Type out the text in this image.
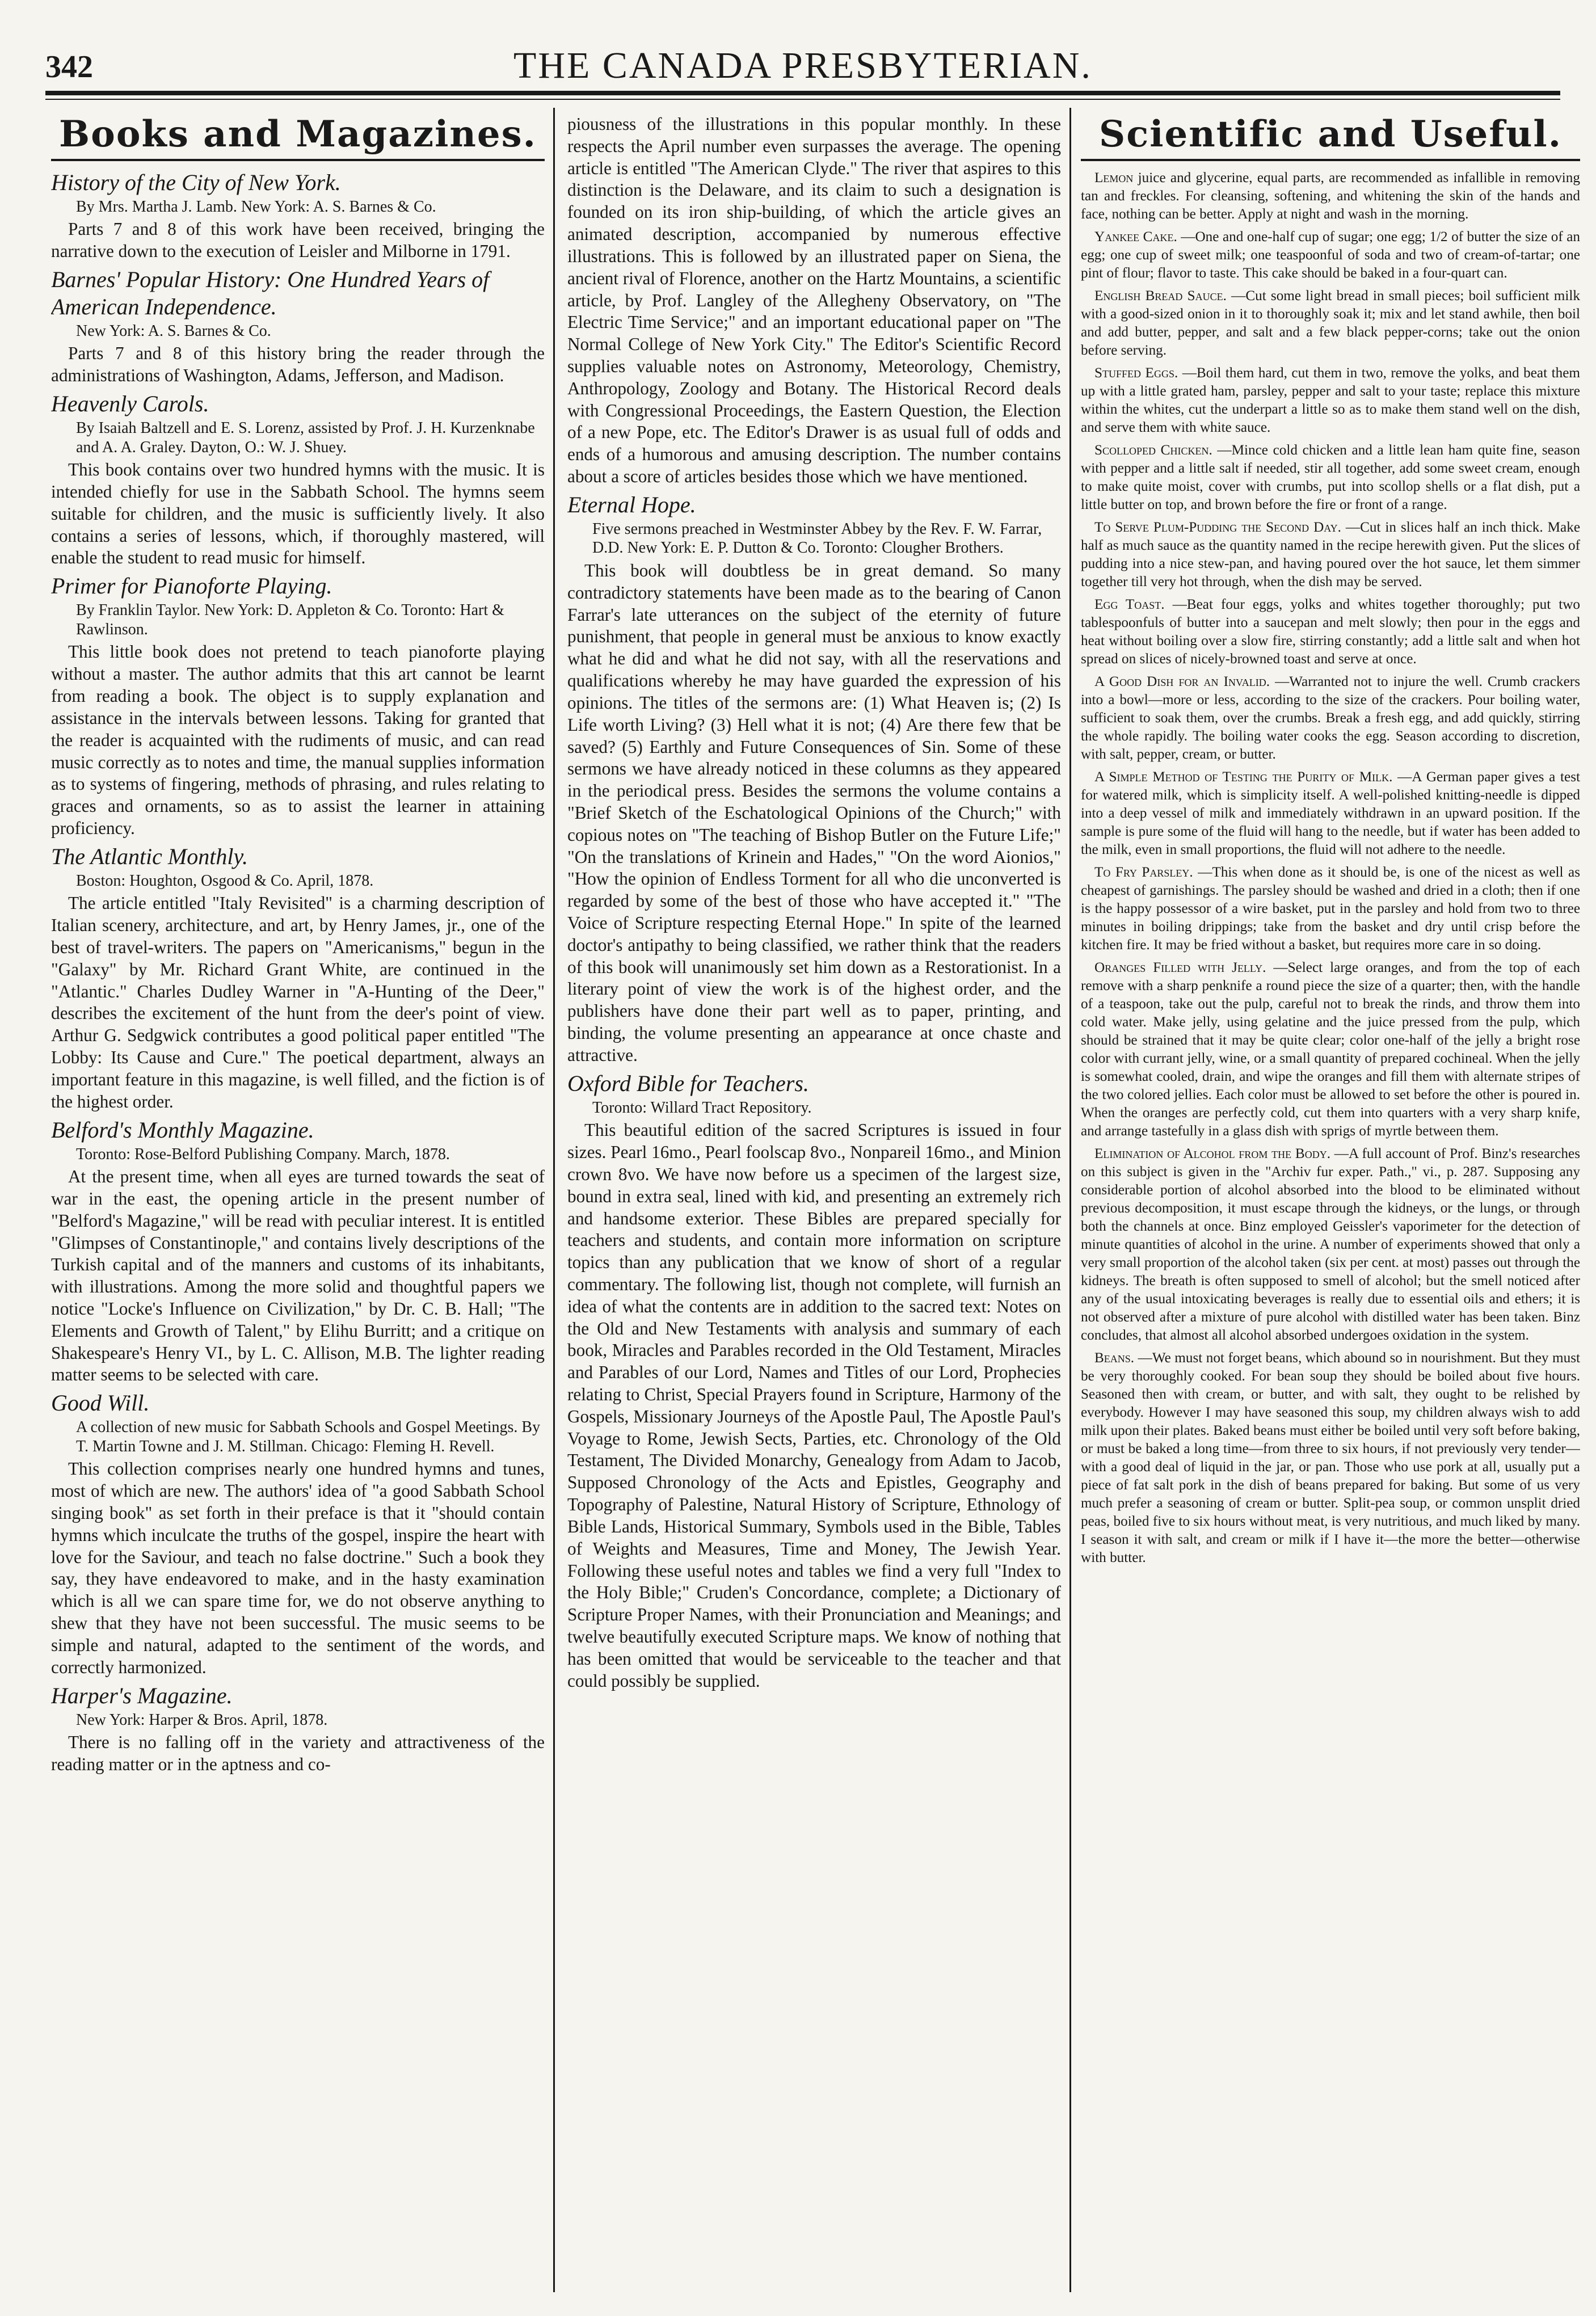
342	THE CANADA PRESBYTERIAN.
Books and Magazines.
History of the City of New York.
By Mrs. Martha J. Lamb. New York: A. S. Barnes & Co.

Parts 7 and 8 of this work have been received, bringing the narrative down to the execution of Leisler and Milborne in 1791.

Barnes' Popular History: One Hundred Years of American Independence.
New York: A. S. Barnes & Co.

Parts 7 and 8 of this history bring the reader through the administrations of Washington, Adams, Jefferson, and Madison.

Heavenly Carols.
By Isaiah Baltzell and E. S. Lorenz, assisted by Prof. J. H. Kurzenknabe and A. A. Graley. Dayton, O.: W. J. Shuey.

This book contains over two hundred hymns with the music. It is intended chiefly for use in the Sabbath School. The hymns seem suitable for children, and the music is sufficiently lively. It also contains a series of lessons, which, if thoroughly mastered, will enable the student to read music for himself.

Primer for Pianoforte Playing.
By Franklin Taylor. New York: D. Appleton & Co. Toronto: Hart & Rawlinson.

This little book does not pretend to teach pianoforte playing without a master. The author admits that this art cannot be learnt from reading a book. The object is to supply explanation and assistance in the intervals between lessons. Taking for granted that the reader is acquainted with the rudiments of music, and can read music correctly as to notes and time, the manual supplies information as to systems of fingering, methods of phrasing, and rules relating to graces and ornaments, so as to assist the learner in attaining proficiency.

The Atlantic Monthly.
Boston: Houghton, Osgood & Co. April, 1878.

The article entitled "Italy Revisited" is a charming description of Italian scenery, architecture, and art, by Henry James, jr., one of the best of travel-writers. The papers on "Americanisms," begun in the "Galaxy" by Mr. Richard Grant White, are continued in the "Atlantic." Charles Dudley Warner in "A-Hunting of the Deer," describes the excitement of the hunt from the deer's point of view. Arthur G. Sedgwick contributes a good political paper entitled "The Lobby: Its Cause and Cure." The poetical department, always an important feature in this magazine, is well filled, and the fiction is of the highest order.

Belford's Monthly Magazine.
Toronto: Rose-Belford Publishing Company. March, 1878.

At the present time, when all eyes are turned towards the seat of war in the east, the opening article in the present number of "Belford's Magazine," will be read with peculiar interest. It is entitled "Glimpses of Constantinople," and contains lively descriptions of the Turkish capital and of the manners and customs of its inhabitants, with illustrations. Among the more solid and thoughtful papers we notice "Locke's Influence on Civilization," by Dr. C. B. Hall; "The Elements and Growth of Talent," by Elihu Burritt; and a critique on Shakespeare's Henry VI., by L. C. Allison, M.B. The lighter reading matter seems to be selected with care.

Good Will.
A collection of new music for Sabbath Schools and Gospel Meetings. By T. Martin Towne and J. M. Stillman. Chicago: Fleming H. Revell.

This collection comprises nearly one hundred hymns and tunes, most of which are new. The authors' idea of "a good Sabbath School singing book" as set forth in their preface is that it "should contain hymns which inculcate the truths of the gospel, inspire the heart with love for the Saviour, and teach no false doctrine." Such a book they say, they have endeavored to make, and in the hasty examination which is all we can spare time for, we do not observe anything to shew that they have not been successful. The music seems to be simple and natural, adapted to the sentiment of the words, and correctly harmonized.

Harper's Magazine.
New York: Harper & Bros. April, 1878.

There is no falling off in the variety and attractiveness of the reading matter or in the aptness and co-

piousness of the illustrations in this popular monthly. In these respects the April number even surpasses the average. The opening article is entitled "The American Clyde." The river that aspires to this distinction is the Delaware, and its claim to such a designation is founded on its iron ship-building, of which the article gives an animated description, accompanied by numerous effective illustrations. This is followed by an illustrated paper on Siena, the ancient rival of Florence, another on the Hartz Mountains, a scientific article, by Prof. Langley of the Allegheny Observatory, on "The Electric Time Service;" and an important educational paper on "The Normal College of New York City." The Editor's Scientific Record supplies valuable notes on Astronomy, Meteorology, Chemistry, Anthropology, Zoology and Botany. The Historical Record deals with Congressional Proceedings, the Eastern Question, the Election of a new Pope, etc. The Editor's Drawer is as usual full of odds and ends of a humorous and amusing description. The number contains about a score of articles besides those which we have mentioned.

Eternal Hope.
Five sermons preached in Westminster Abbey by the Rev. F. W. Farrar, D.D. New York: E. P. Dutton & Co. Toronto: Clougher Brothers.

This book will doubtless be in great demand. So many contradictory statements have been made as to the bearing of Canon Farrar's late utterances on the subject of the eternity of future punishment, that people in general must be anxious to know exactly what he did and what he did not say, with all the reservations and qualifications whereby he may have guarded the expression of his opinions. The titles of the sermons are: (1) What Heaven is; (2) Is Life worth Living? (3) Hell what it is not; (4) Are there few that be saved? (5) Earthly and Future Consequences of Sin. Some of these sermons we have already noticed in these columns as they appeared in the periodical press. Besides the sermons the volume contains a "Brief Sketch of the Eschatological Opinions of the Church;" with copious notes on "The teaching of Bishop Butler on the Future Life;" "On the translations of Krinein and Hades," "On the word Aionios," "How the opinion of Endless Torment for all who die unconverted is regarded by some of the best of those who have accepted it." "The Voice of Scripture respecting Eternal Hope." In spite of the learned doctor's antipathy to being classified, we rather think that the readers of this book will unanimously set him down as a Restorationist. In a literary point of view the work is of the highest order, and the publishers have done their part well as to paper, printing, and binding, the volume presenting an appearance at once chaste and attractive.

Oxford Bible for Teachers.
Toronto: Willard Tract Repository.

This beautiful edition of the sacred Scriptures is issued in four sizes. Pearl 16mo., Pearl foolscap 8vo., Nonpareil 16mo., and Minion crown 8vo. We have now before us a specimen of the largest size, bound in extra seal, lined with kid, and presenting an extremely rich and handsome exterior. These Bibles are prepared specially for teachers and students, and contain more information on scripture topics than any publication that we know of short of a regular commentary. The following list, though not complete, will furnish an idea of what the contents are in addition to the sacred text: Notes on the Old and New Testaments with analysis and summary of each book, Miracles and Parables recorded in the Old Testament, Miracles and Parables of our Lord, Names and Titles of our Lord, Prophecies relating to Christ, Special Prayers found in Scripture, Harmony of the Gospels, Missionary Journeys of the Apostle Paul, The Apostle Paul's Voyage to Rome, Jewish Sects, Parties, etc. Chronology of the Old Testament, The Divided Monarchy, Genealogy from Adam to Jacob, Supposed Chronology of the Acts and Epistles, Geography and Topography of Palestine, Natural History of Scripture, Ethnology of Bible Lands, Historical Summary, Symbols used in the Bible, Tables of Weights and Measures, Time and Money, The Jewish Year. Following these useful notes and tables we find a very full "Index to the Holy Bible;" Cruden's Concordance, complete; a Dictionary of Scripture Proper Names, with their Pronunciation and Meanings; and twelve beautifully executed Scripture maps. We know of nothing that has been omitted that would be serviceable to the teacher and that could possibly be supplied.

Scientific and Useful.

Lemon juice and glycerine, equal parts, are recommended as infallible in removing tan and freckles. For cleansing, softening, and whitening the skin of the hands and face, nothing can be better. Apply at night and wash in the morning.

Yankee Cake. —One and one-half cup of sugar; one egg; 1/2 of butter the size of an egg; one cup of sweet milk; one teaspoonful of soda and two of cream-of-tartar; one pint of flour; flavor to taste. This cake should be baked in a four-quart can.

English Bread Sauce. —Cut some light bread in small pieces; boil sufficient milk with a good-sized onion in it to thoroughly soak it; mix and let stand awhile, then boil and add butter, pepper, and salt and a few black pepper-corns; take out the onion before serving.

Stuffed Eggs. —Boil them hard, cut them in two, remove the yolks, and beat them up with a little grated ham, parsley, pepper and salt to your taste; replace this mixture within the whites, cut the underpart a little so as to make them stand well on the dish, and serve them with white sauce.

Scolloped Chicken. —Mince cold chicken and a little lean ham quite fine, season with pepper and a little salt if needed, stir all together, add some sweet cream, enough to make quite moist, cover with crumbs, put into scollop shells or a flat dish, put a little butter on top, and brown before the fire or front of a range.

To Serve Plum-Pudding the Second Day. —Cut in slices half an inch thick. Make half as much sauce as the quantity named in the recipe herewith given. Put the slices of pudding into a nice stew-pan, and having poured over the hot sauce, let them simmer together till very hot through, when the dish may be served.

Egg Toast. —Beat four eggs, yolks and whites together thoroughly; put two tablespoonfuls of butter into a saucepan and melt slowly; then pour in the eggs and heat without boiling over a slow fire, stirring constantly; add a little salt and when hot spread on slices of nicely-browned toast and serve at once.

A Good Dish for an Invalid. —Warranted not to injure the well. Crumb crackers into a bowl—more or less, according to the size of the crackers. Pour boiling water, sufficient to soak them, over the crumbs. Break a fresh egg, and add quickly, stirring the whole rapidly. The boiling water cooks the egg. Season according to discretion, with salt, pepper, cream, or butter.

A Simple Method of Testing the Purity of Milk. —A German paper gives a test for watered milk, which is simplicity itself. A well-polished knitting-needle is dipped into a deep vessel of milk and immediately withdrawn in an upward position. If the sample is pure some of the fluid will hang to the needle, but if water has been added to the milk, even in small proportions, the fluid will not adhere to the needle.

To Fry Parsley. —This when done as it should be, is one of the nicest as well as cheapest of garnishings. The parsley should be washed and dried in a cloth; then if one is the happy possessor of a wire basket, put in the parsley and hold from two to three minutes in boiling drippings; take from the basket and dry until crisp before the kitchen fire. It may be fried without a basket, but requires more care in so doing.

Oranges Filled with Jelly. —Select large oranges, and from the top of each remove with a sharp penknife a round piece the size of a quarter; then, with the handle of a teaspoon, take out the pulp, careful not to break the rinds, and throw them into cold water. Make jelly, using gelatine and the juice pressed from the pulp, which should be strained that it may be quite clear; color one-half of the jelly a bright rose color with currant jelly, wine, or a small quantity of prepared cochineal. When the jelly is somewhat cooled, drain, and wipe the oranges and fill them with alternate stripes of the two colored jellies. Each color must be allowed to set before the other is poured in. When the oranges are perfectly cold, cut them into quarters with a very sharp knife, and arrange tastefully in a glass dish with sprigs of myrtle between them.

Elimination of Alcohol from the Body. —A full account of Prof. Binz's researches on this subject is given in the "Archiv fur exper. Path.," vi., p. 287. Supposing any considerable portion of alcohol absorbed into the blood to be eliminated without previous decomposition, it must escape through the kidneys, or the lungs, or through both the channels at once. Binz employed Geissler's vaporimeter for the detection of minute quantities of alcohol in the urine. A number of experiments showed that only a very small proportion of the alcohol taken (six per cent. at most) passes out through the kidneys. The breath is often supposed to smell of alcohol; but the smell noticed after any of the usual intoxicating beverages is really due to essential oils and ethers; it is not observed after a mixture of pure alcohol with distilled water has been taken. Binz concludes, that almost all alcohol absorbed undergoes oxidation in the system.

Beans. —We must not forget beans, which abound so in nourishment. But they must be very thoroughly cooked. For bean soup they should be boiled about five hours. Seasoned then with cream, or butter, and with salt, they ought to be relished by everybody. However I may have seasoned this soup, my children always wish to add milk upon their plates. Baked beans must either be boiled until very soft before baking, or must be baked a long time—from three to six hours, if not previously very tender—with a good deal of liquid in the jar, or pan. Those who use pork at all, usually put a piece of fat salt pork in the dish of beans prepared for baking. But some of us very much prefer a seasoning of cream or butter. Split-pea soup, or common unsplit dried peas, boiled five to six hours without meat, is very nutritious, and much liked by many. I season it with salt, and cream or milk if I have it—the more the better—otherwise with butter.
